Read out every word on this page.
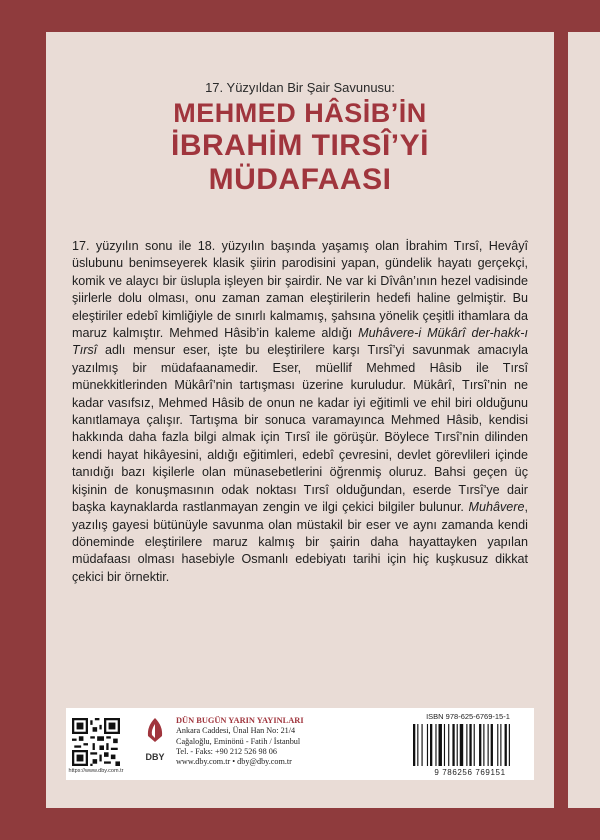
17. Yüzyıldan Bir Şair Savunusu:
MEHMED HÂSİB’İN
İBRAHİM TIRSÎ’Yİ
MÜDAFAASI
17. yüzyılın sonu ile 18. yüzyılın başında yaşamış olan İbrahim Tırsî, Hevâyî üslubunu benimseyerek klasik şiirin parodisini yapan, gündelik hayatı gerçekçi, komik ve alaycı bir üslupla işleyen bir şairdir. Ne var ki Dîvân’ının hezel vadisinde şiirlerle dolu olması, onu zaman zaman eleştirilerin hedefi haline gelmiştir. Bu eleştiriler edebî kimliğiyle de sınırlı kalmamış, şahsına yönelik çeşitli ithamlara da maruz kalmıştır. Mehmed Hâsib’in kaleme aldığı Muhâvere-i Mükârî der-hakk-ı Tırsî adlı mensur eser, işte bu eleştirilere karşı Tırsî’yi savunmak amacıyla yazılmış bir müdafaanamedir. Eser, müellif Mehmed Hâsib ile Tırsî münekkitlerinden Mükârî’nin tartışması üzerine kuruludur. Mükârî, Tırsî’nin ne kadar vasıfsız, Mehmed Hâsib de onun ne kadar iyi eğitimli ve ehil biri olduğunu kanıtlamaya çalışır. Tartışma bir sonuca varamayınca Mehmed Hâsib, kendisi hakkında daha fazla bilgi almak için Tırsî ile görüşür. Böylece Tırsî’nin dilinden kendi hayat hikâyesini, aldığı eğitimleri, edebî çevresini, devlet görevlileri içinde tanıdığı bazı kişilerle olan münasebetlerini öğrenmiş oluruz. Bahsi geçen üç kişinin de konuşmasının odak noktası Tırsî olduğundan, eserde Tırsî’ye dair başka kaynaklarda rastlanmayan zengin ve ilgi çekici bilgiler bulunur. Muhâvere, yazılış gayesi bütünüyle savunma olan müstakil bir eser ve aynı zamanda kendi döneminde eleştirilere maruz kalmış bir şairin daha hayattayken yapılan müdafaası olması hasebiyle Osmanlı edebiyatı tarihi için hiç kuşkusuz dikkat çekici bir örnektir.
https://www.dby.com.tr
DBY
DÜN BUGÜN YARIN YAYINLARI
Ankara Caddesi, Ünal Han No: 21/4
Cağaloğlu, Eminönü - Fatih / İstanbul
Tel. - Faks: +90 212 526 98 06
www.dby.com.tr • dby@dby.com.tr
ISBN 978-625-6769-15-1
9 786256 769151
